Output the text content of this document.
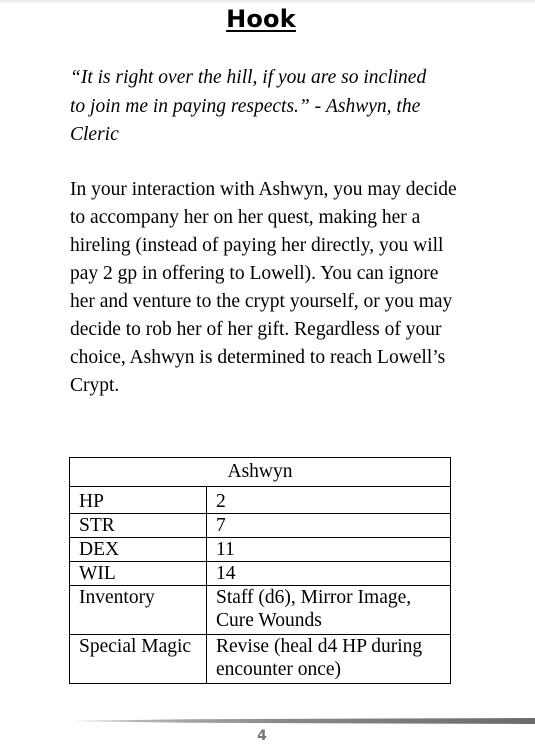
Hook

“It is right over the hill, if you are so inclined to join me in paying respects.” - Ashwyn, the Cleric

In your interaction with Ashwyn, you may decide to accompany her on her quest, making her a hireling (instead of paying her directly, you will pay 2 gp in offering to Lowell). You can ignore her and venture to the crypt yourself, or you may decide to rob her of her gift. Regardless of your choice, Ashwyn is determined to reach Lowell’s Crypt.

Ashwyn	
HP	2
STR	7
DEX	11
WIL	14
Inventory	Staff (d6), Mirror Image, Cure Wounds
Special Magic	Revise (heal d4 HP during encounter once)
4
